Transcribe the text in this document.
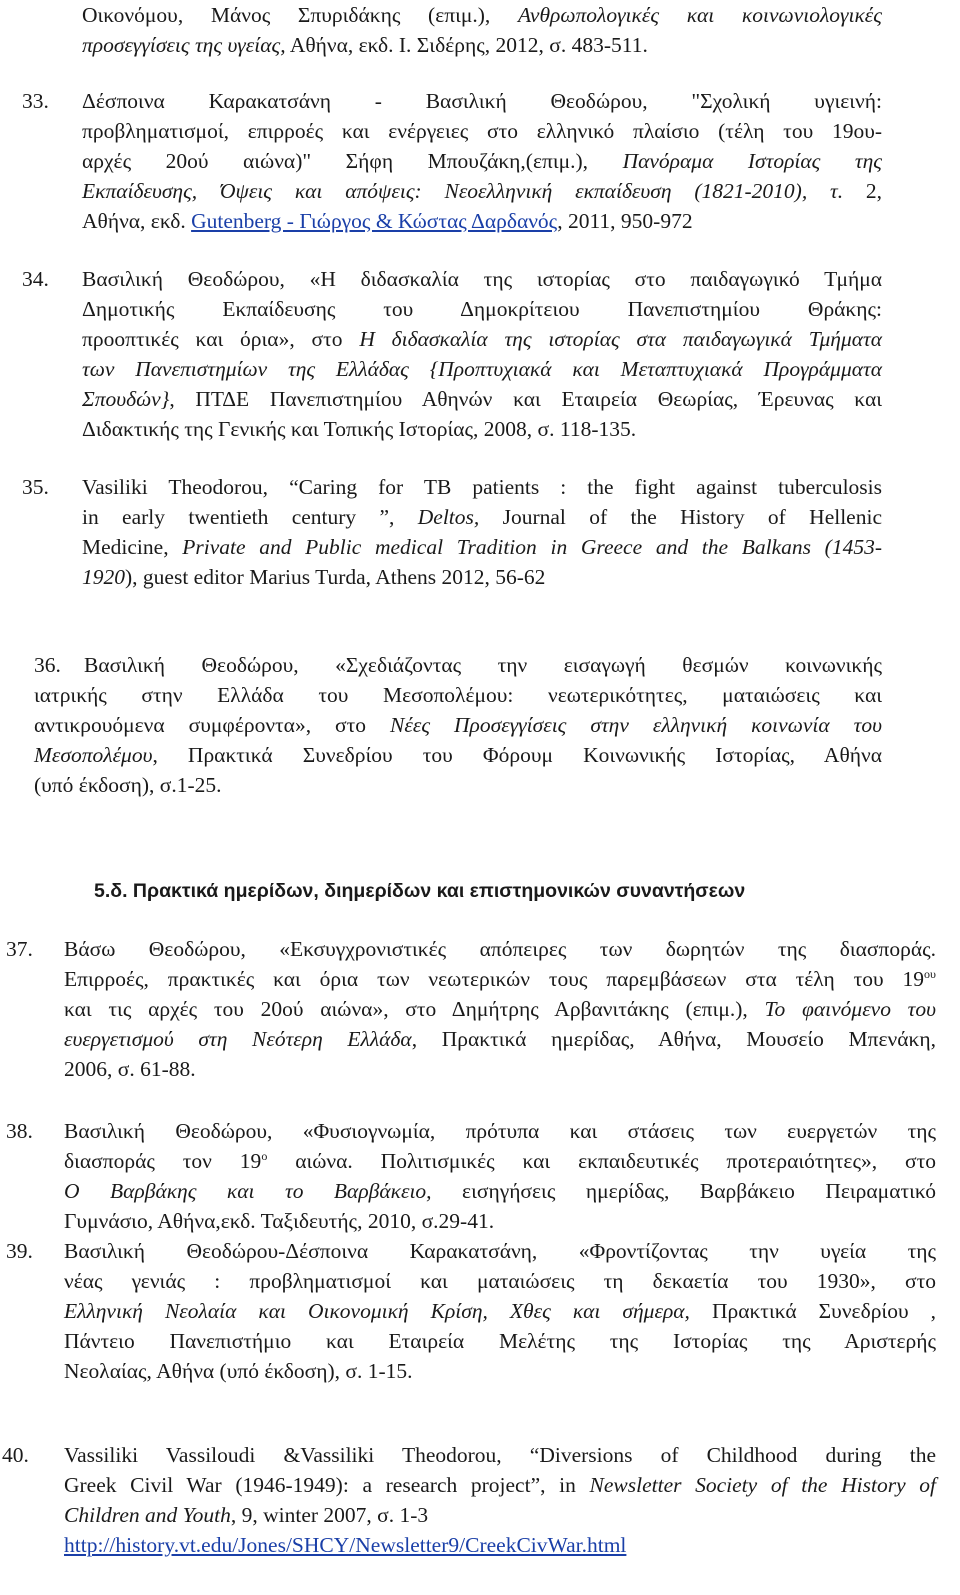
Οικονόμου, Μάνος Σπυριδάκης (επιμ.), Ανθρωπολογικές και κοινωνιολογικές
προσεγγίσεις της υγείας, Αθήνα, εκδ. Ι. Σιδέρης, 2012, σ. 483-511.
33. Δέσποινα Καρακατσάνη - Βασιλική Θεοδώρου, "Σχολική υγιεινή:
προβληματισμοί, επιρροές και ενέργειες στο ελληνικό πλαίσιο (τέλη του 19ου-
αρχές 20ού αιώνα)" Σήφη Μπουζάκη,(επιμ.), Πανόραμα Ιστορίας της
Εκπαίδευσης, Όψεις και απόψεις: Νεοελληνική εκπαίδευση (1821-2010), τ. 2,
Αθήνα, εκδ. Gutenberg - Γιώργος & Κώστας Δαρδανός, 2011, 950-972
34. Βασιλική Θεοδώρου, «Η διδασκαλία της ιστορίας στο παιδαγωγικό Τμήμα
Δημοτικής Εκπαίδευσης του Δημοκρίτειου Πανεπιστημίου Θράκης:
προοπτικές και όρια», στο Η διδασκαλία της ιστορίας στα παιδαγωγικά Τμήματα
των Πανεπιστημίων της Ελλάδας {Προπτυχιακά και Μεταπτυχιακά Προγράμματα
Σπουδών}, ΠΤΔΕ Πανεπιστημίου Αθηνών και Εταιρεία Θεωρίας, Έρευνας και
Διδακτικής της Γενικής και Τοπικής Ιστορίας, 2008, σ. 118-135.
35. Vasiliki Theodorou, “Caring for TB patients : the fight against tuberculosis
in early twentieth century ”, Deltos, Journal of the History of Hellenic
Medicine, Private and Public medical Tradition in Greece and the Balkans (1453-
1920), guest editor Marius Turda, Athens 2012, 56-62
36. Βασιλική Θεοδώρου, «Σχεδιάζοντας την εισαγωγή θεσμών κοινωνικής
ιατρικής στην Ελλάδα του Μεσοπολέμου: νεωτερικότητες, ματαιώσεις και
αντικρουόμενα συμφέροντα», στο Νέες Προσεγγίσεις στην ελληνική κοινωνία του
Μεσοπολέμου, Πρακτικά Συνεδρίου του Φόρουμ Κοινωνικής Ιστορίας, Αθήνα
(υπό έκδοση), σ.1-25.
5.δ. Πρακτικά ημερίδων, διημερίδων και επιστημονικών συναντήσεων
37. Βάσω Θεοδώρου, «Εκσυγχρονιστικές απόπειρες των δωρητών της διασποράς.
Επιρροές, πρακτικές και όρια των νεωτερικών τους παρεμβάσεων στα τέλη του $19^{o\upsilon}$
και τις αρχές του 20ού αιώνα», στο Δημήτρης Αρβανιτάκης (επιμ.), Το φαινόμενο του
ευεργετισμού στη Νεότερη Ελλάδα, Πρακτικά ημερίδας, Αθήνα, Μουσείο Μπενάκη,
2006, σ. 61-88.
38. Βασιλική Θεοδώρου, «Φυσιογνωμία, πρότυπα και στάσεις των ευεργετών της
διασποράς τον $19^o$ αιώνα. Πολιτισμικές και εκπαιδευτικές προτεραιότητες», στο
Ο Βαρβάκης και το Βαρβάκειο, εισηγήσεις ημερίδας, Βαρβάκειο Πειραματικό
Γυμνάσιο, Αθήνα,εκδ. Ταξιδευτής, 2010, σ.29-41.
39. Βασιλική Θεοδώρου-Δέσποινα Καρακατσάνη, «Φροντίζοντας την υγεία της
νέας γενιάς : προβληματισμοί και ματαιώσεις τη δεκαετία του 1930», στο
Ελληνική Νεολαία και Οικονομική Κρίση, Χθες και σήμερα, Πρακτικά Συνεδρίου ,
Πάντειο Πανεπιστήμιο και Εταιρεία Μελέτης της Ιστορίας της Αριστερής
Νεολαίας, Αθήνα (υπό έκδοση), σ. 1-15.
40. Vassiliki Vassiloudi &Vassiliki Theodorou, “Diversions of Childhood during the
Greek Civil War (1946-1949): a research project”, in Newsletter Society of the History of
Children and Youth, 9, winter 2007, σ. 1-3
http://history.vt.edu/Jones/SHCY/Newsletter9/CreekCivWar.html
